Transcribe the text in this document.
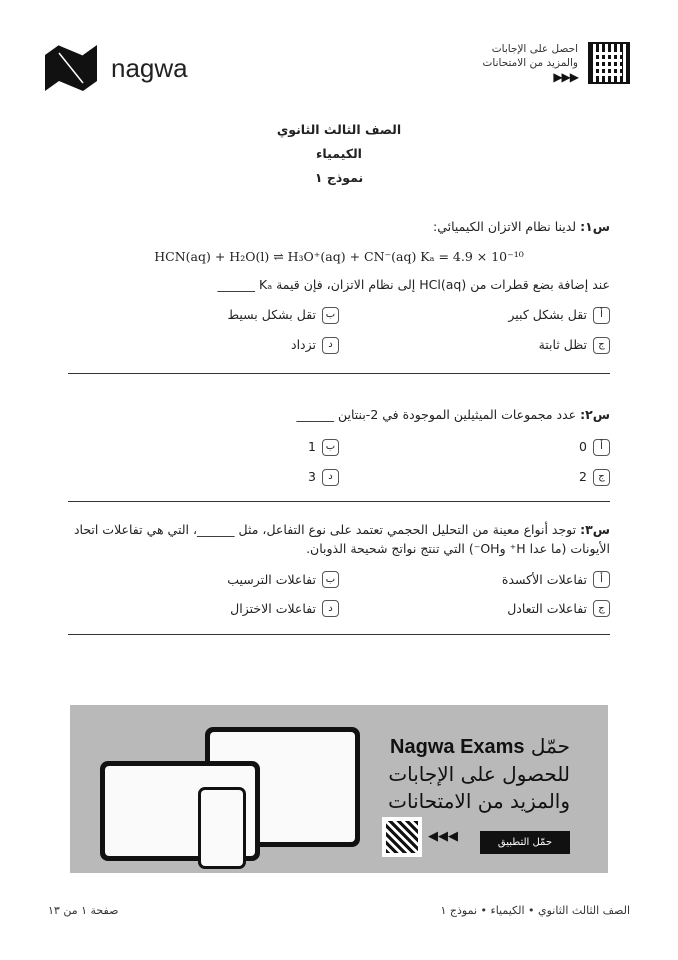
nagwa
احصل على الإجابات
والمزيد من الامتحانات
▶▶▶
الصف الثالث الثانوي
الكيمياء
نموذج ١
س١: لدينا نظام الاتزان الكيميائي:
HCN(aq) + H₂O(l) ⇌ H₃O⁺(aq) + CN⁻(aq) Kₐ = 4.9 × 10⁻¹⁰
عند إضافة بضع قطرات من HCl(aq) إلى نظام الاتزان، فإن قيمة Kₐ ______
أ
تقل بشكل كبير
ب
تقل بشكل بسيط
ج
تظل ثابتة
د
تزداد
س٢: عدد مجموعات الميثيلين الموجودة في 2-بنتاين ______
أ
0
ب
1
ج
2
د
3
س٣: توجد أنواع معينة من التحليل الحجمي تعتمد على نوع التفاعل، مثل ______، التي هي تفاعلات اتحاد الأيونات (ما عدا H⁺ وOH⁻) التي تنتج نواتج شحيحة الذوبان.
أ
تفاعلات الأكسدة
ب
تفاعلات الترسيب
ج
تفاعلات التعادل
د
تفاعلات الاختزال
حمّل Nagwa Exams
للحصول على الإجابات
والمزيد من الامتحانات
حمّل التطبيق
◀◀◀
صفحة ١ من ١٣	الصف الثالث الثانوي • الكيمياء • نموذج ١
